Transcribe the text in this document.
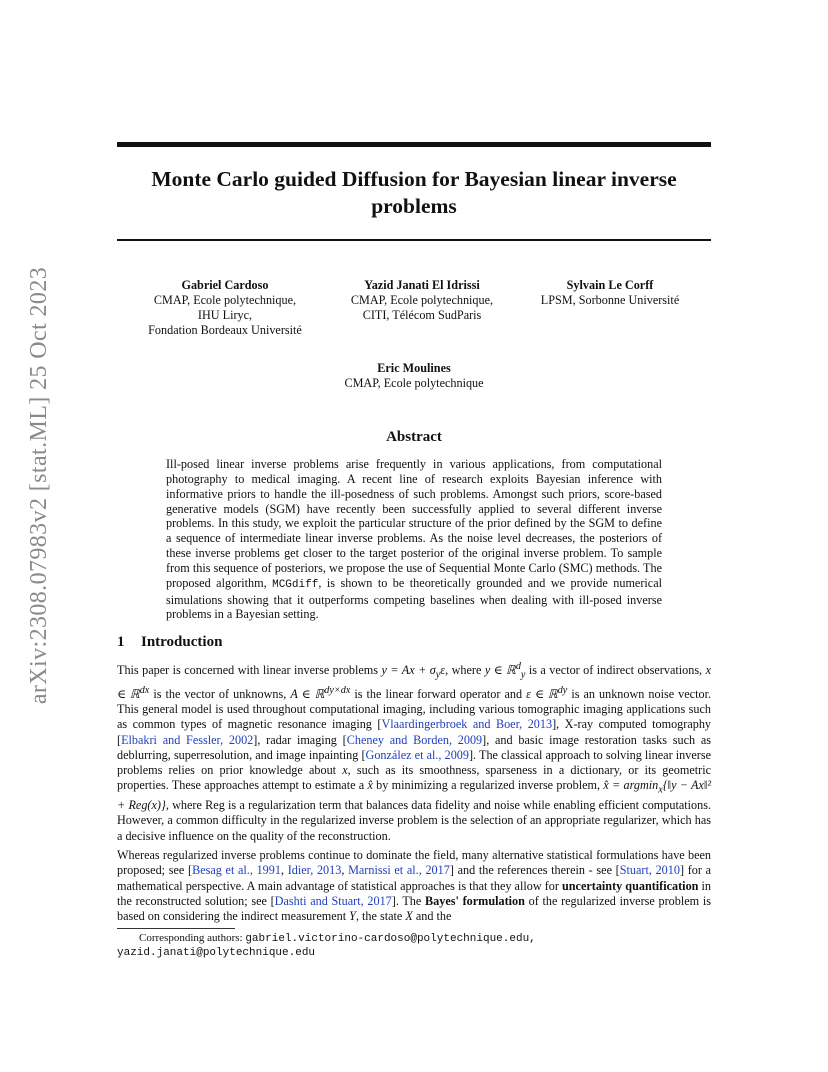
arXiv:2308.07983v2 [stat.ML] 25 Oct 2023
Monte Carlo guided Diffusion for Bayesian linear inverse
problems
Gabriel Cardoso
CMAP, Ecole polytechnique,
IHU Liryc,
Fondation Bordeaux Université
Yazid Janati El Idrissi
CMAP, Ecole polytechnique,
CITI, Télécom SudParis
Sylvain Le Corff
LPSM, Sorbonne Université
Eric Moulines
CMAP, Ecole polytechnique
Abstract
Ill-posed linear inverse problems arise frequently in various applications, from computational photography to medical imaging. A recent line of research exploits Bayesian inference with informative priors to handle the ill-posedness of such problems. Amongst such priors, score-based generative models (SGM) have recently been successfully applied to several different inverse problems. In this study, we exploit the particular structure of the prior defined by the SGM to define a sequence of intermediate linear inverse problems. As the noise level decreases, the posteriors of these inverse problems get closer to the target posterior of the original inverse problem. To sample from this sequence of posteriors, we propose the use of Sequential Monte Carlo (SMC) methods. The proposed algorithm, MCGdiff, is shown to be theoretically grounded and we provide numerical simulations showing that it outperforms competing baselines when dealing with ill-posed inverse problems in a Bayesian setting.
1 Introduction
This paper is concerned with linear inverse problems $y = Ax + \sigma_y\varepsilon$, where y ∈ ℝ$^d_y$ is a vector of indirect observations, x ∈ ℝ$^{dx}$ is the vector of unknowns, A ∈ ℝ$^{dy\times dx}$ is the linear forward operator and ε ∈ ℝ$^{dy}$ is an unknown noise vector. This general model is used throughout computational imaging, including various tomographic imaging applications such as common types of magnetic resonance imaging [Vlaardingerbroek and Boer, 2013], X-ray computed tomography [Elbakri and Fessler, 2002], radar imaging [Cheney and Borden, 2009], and basic image restoration tasks such as deblurring, superresolution, and image inpainting [González et al., 2009]. The classical approach to solving linear inverse problems relies on prior knowledge about x, such as its smoothness, sparseness in a dictionary, or its geometric properties. These approaches attempt to estimate a x̂ by minimizing a regularized inverse problem, x̂ = argmin$_x${‖y − Ax‖² + Reg(x)}, where Reg is a regularization term that balances data fidelity and noise while enabling efficient computations. However, a common difficulty in the regularized inverse problem is the selection of an appropriate regularizer, which has a decisive influence on the quality of the reconstruction.
Whereas regularized inverse problems continue to dominate the field, many alternative statistical formulations have been proposed; see [Besag et al., 1991, Idier, 2013, Marnissi et al., 2017] and the references therein - see [Stuart, 2010] for a mathematical perspective. A main advantage of statistical approaches is that they allow for uncertainty quantification in the reconstructed solution; see [Dashti and Stuart, 2017]. The Bayes' formulation of the regularized inverse problem is based on considering the indirect measurement Y, the state X and the
Corresponding authors: gabriel.victorino-cardoso@polytechnique.edu,
yazid.janati@polytechnique.edu
